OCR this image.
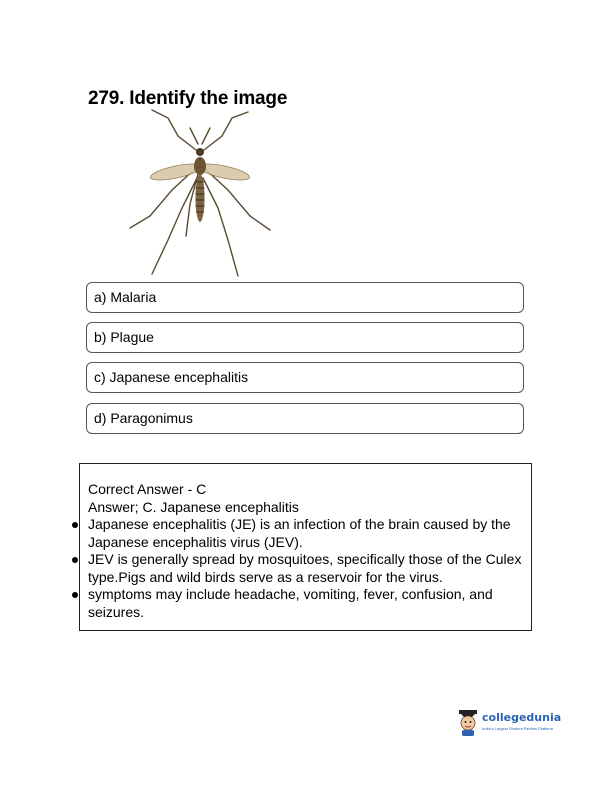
279. Identify the image
a) Malaria
b) Plague
c) Japanese encephalitis
d) Paragonimus

Correct Answer - C

Answer; C. Japanese encephalitis

Japanese encephalitis (JE) is an infection of the brain caused by the Japanese encephalitis virus (JEV).

JEV is generally spread by mosquitoes, specifically those of the Culex type.Pigs and wild birds serve as a reservoir for the virus.

symptoms may include headache, vomiting, fever, confusion, and seizures.

collegedunia
India's Largest Student Review Platform
